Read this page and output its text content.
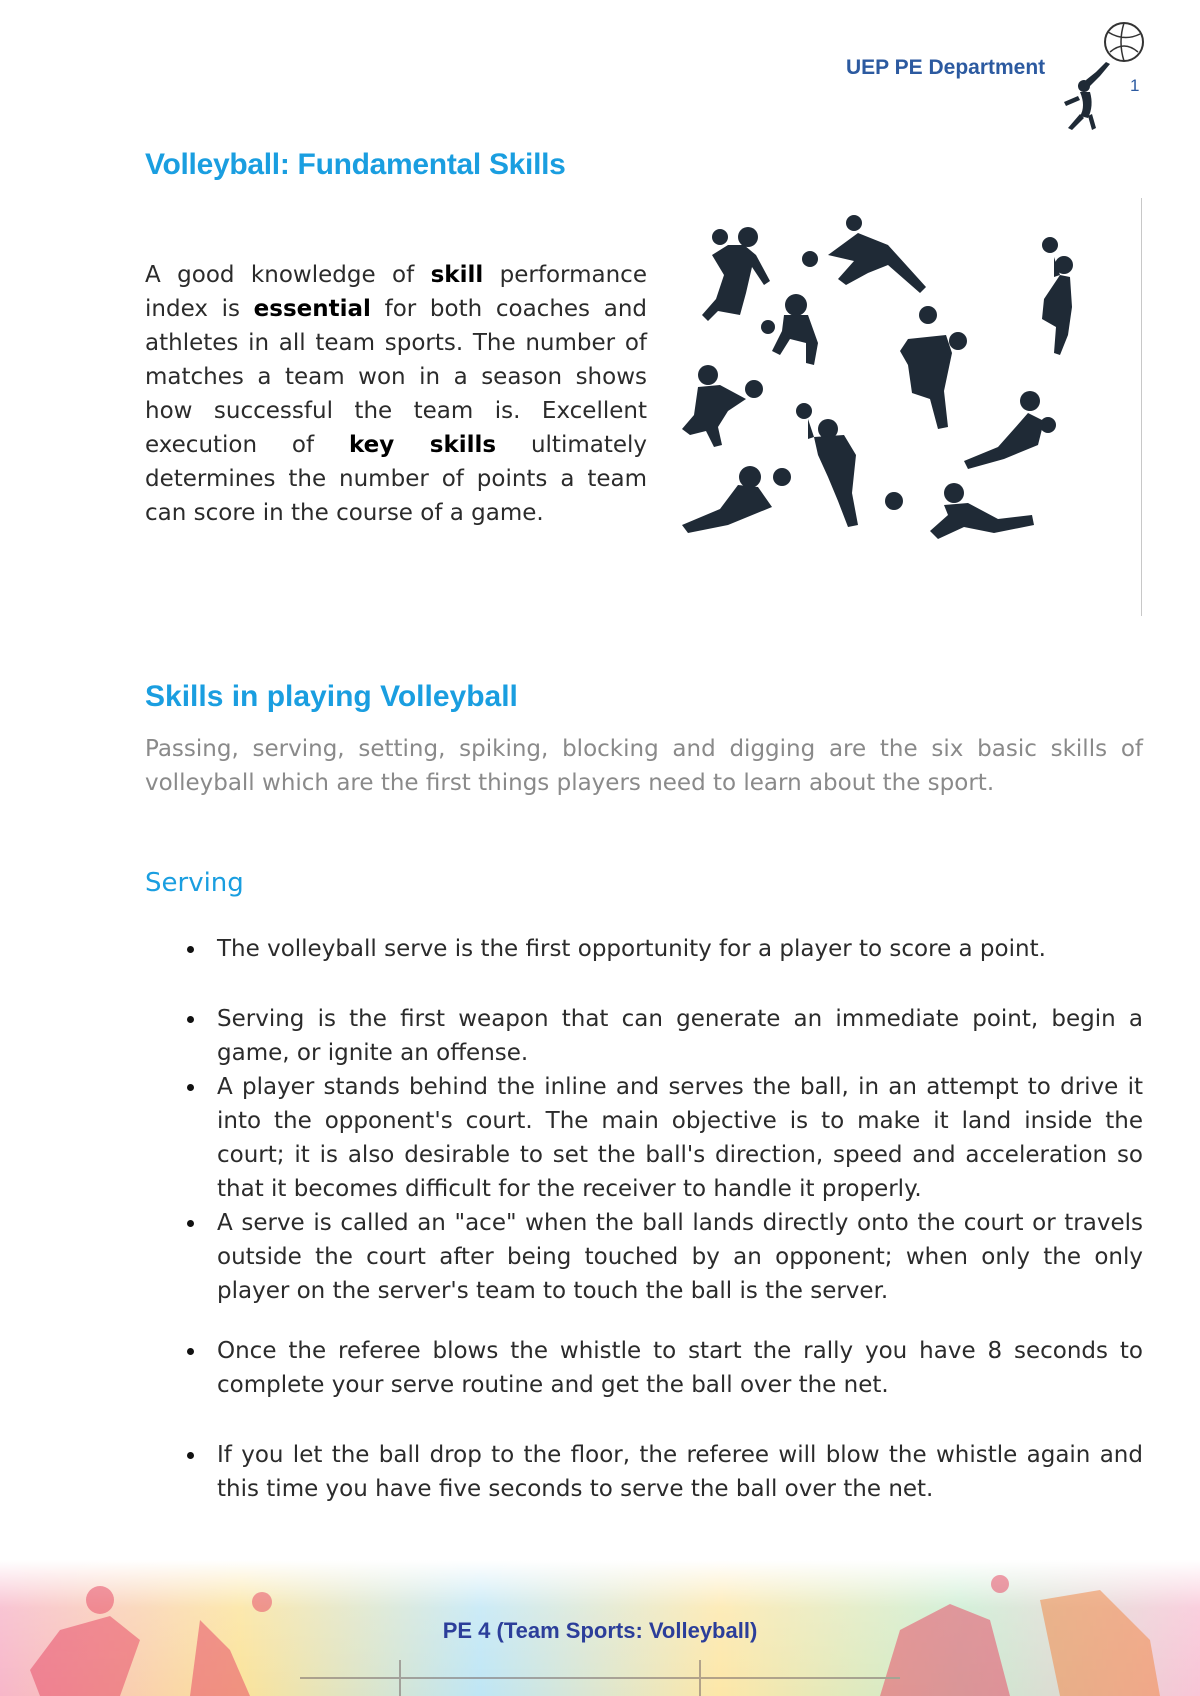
UEP PE Department
1
Volleyball: Fundamental Skills

A good knowledge of skill performance index is essential for both coaches and athletes in all team sports. The number of matches a team won in a season shows how successful the team is. Excellent execution of key skills ultimately determines the number of points a team can score in the course of a game.

Skills in playing Volleyball

Passing, serving, setting, spiking, blocking and digging are the six basic skills of volleyball which are the first things players need to learn about the sport.

Serving

The volleyball serve is the first opportunity for a player to score a point.

Serving is the first weapon that can generate an immediate point, begin a game, or ignite an offense.

A player stands behind the inline and serves the ball, in an attempt to drive it into the opponent's court. The main objective is to make it land inside the court; it is also desirable to set the ball's direction, speed and acceleration so that it becomes difficult for the receiver to handle it properly.

A serve is called an "ace" when the ball lands directly onto the court or travels outside the court after being touched by an opponent; when only the only player on the server's team to touch the ball is the server.

Once the referee blows the whistle to start the rally you have 8 seconds to complete your serve routine and get the ball over the net.

If you let the ball drop to the floor, the referee will blow the whistle again and this time you have five seconds to serve the ball over the net.

PE 4 (Team Sports: Volleyball)
